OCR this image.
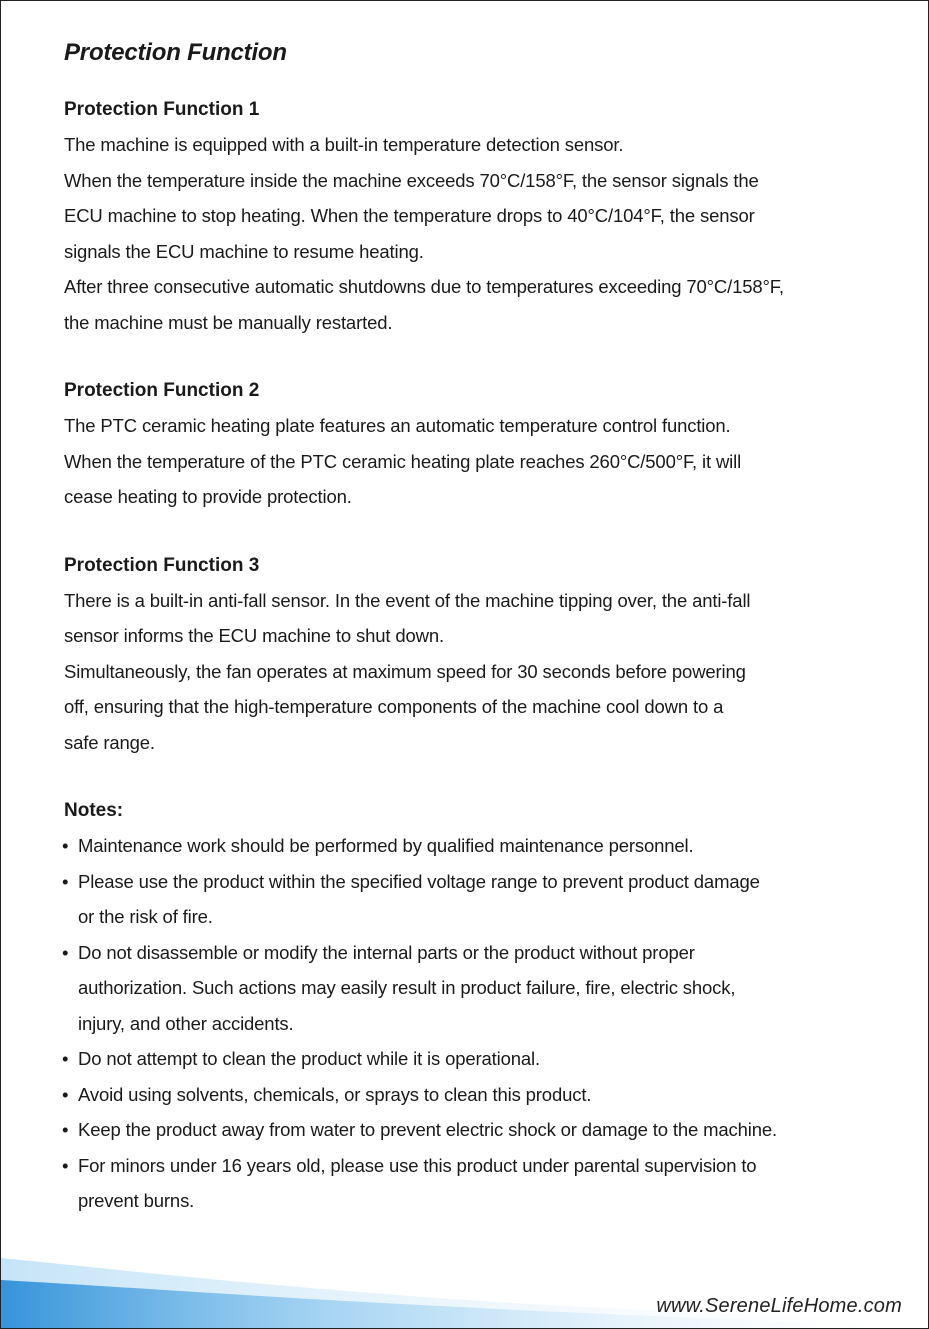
Protection Function
Protection Function 1

The machine is equipped with a built-in temperature detection sensor.

When the temperature inside the machine exceeds 70°C/158°F, the sensor signals the

ECU machine to stop heating. When the temperature drops to 40°C/104°F, the sensor

signals the ECU machine to resume heating.

After three consecutive automatic shutdowns due to temperatures exceeding 70°C/158°F,

the machine must be manually restarted.

Protection Function 2

The PTC ceramic heating plate features an automatic temperature control function.

When the temperature of the PTC ceramic heating plate reaches 260°C/500°F, it will

cease heating to provide protection.

Protection Function 3

There is a built-in anti-fall sensor. In the event of the machine tipping over, the anti-fall

sensor informs the ECU machine to shut down.

Simultaneously, the fan operates at maximum speed for 30 seconds before powering

off, ensuring that the high-temperature components of the machine cool down to a

safe range.

Notes:
• Maintenance work should be performed by qualified maintenance personnel.
• Please use the product within the specified voltage range to prevent product damage
or the risk of fire.
• Do not disassemble or modify the internal parts or the product without proper
authorization. Such actions may easily result in product failure, fire, electric shock,
injury, and other accidents.
• Do not attempt to clean the product while it is operational.
• Avoid using solvents, chemicals, or sprays to clean this product.
• Keep the product away from water to prevent electric shock or damage to the machine.
• For minors under 16 years old, please use this product under parental supervision to
prevent burns.
www.SereneLifeHome.com
